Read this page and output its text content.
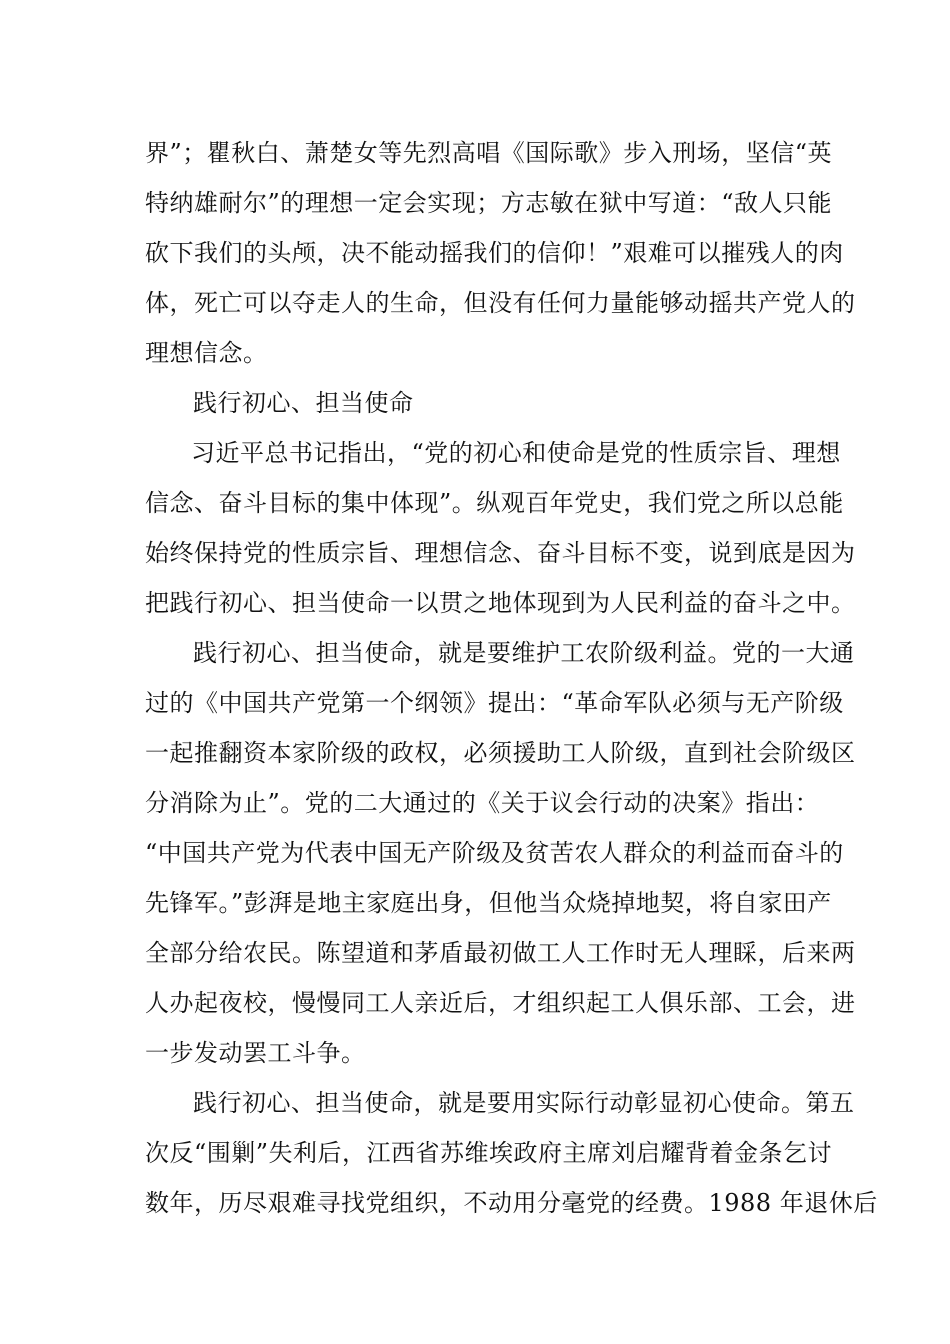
界”；瞿秋白、萧楚女等先烈高唱《国际歌》步入刑场，坚信“英
特纳雄耐尔”的理想一定会实现；方志敏在狱中写道：“敌人只能
砍下我们的头颅，决不能动摇我们的信仰！”艰难可以摧残人的肉
体，死亡可以夺走人的生命，但没有任何力量能够动摇共产党人的
理想信念。
践行初心、担当使命
习近平总书记指出，“党的初心和使命是党的性质宗旨、理想
信念、奋斗目标的集中体现”。纵观百年党史，我们党之所以总能
始终保持党的性质宗旨、理想信念、奋斗目标不变，说到底是因为
把践行初心、担当使命一以贯之地体现到为人民利益的奋斗之中。
践行初心、担当使命，就是要维护工农阶级利益。党的一大通
过的《中国共产党第一个纲领》提出：“革命军队必须与无产阶级
一起推翻资本家阶级的政权，必须援助工人阶级，直到社会阶级区
分消除为止”。党的二大通过的《关于议会行动的决案》指出：
“中国共产党为代表中国无产阶级及贫苦农人群众的利益而奋斗的
先锋军。”彭湃是地主家庭出身，但他当众烧掉地契，将自家田产
全部分给农民。陈望道和茅盾最初做工人工作时无人理睬，后来两
人办起夜校，慢慢同工人亲近后，才组织起工人俱乐部、工会，进
一步发动罢工斗争。
践行初心、担当使命，就是要用实际行动彰显初心使命。第五
次反“围剿”失利后，江西省苏维埃政府主席刘启耀背着金条乞讨
数年，历尽艰难寻找党组织，不动用分毫党的经费。1988 年退休后
